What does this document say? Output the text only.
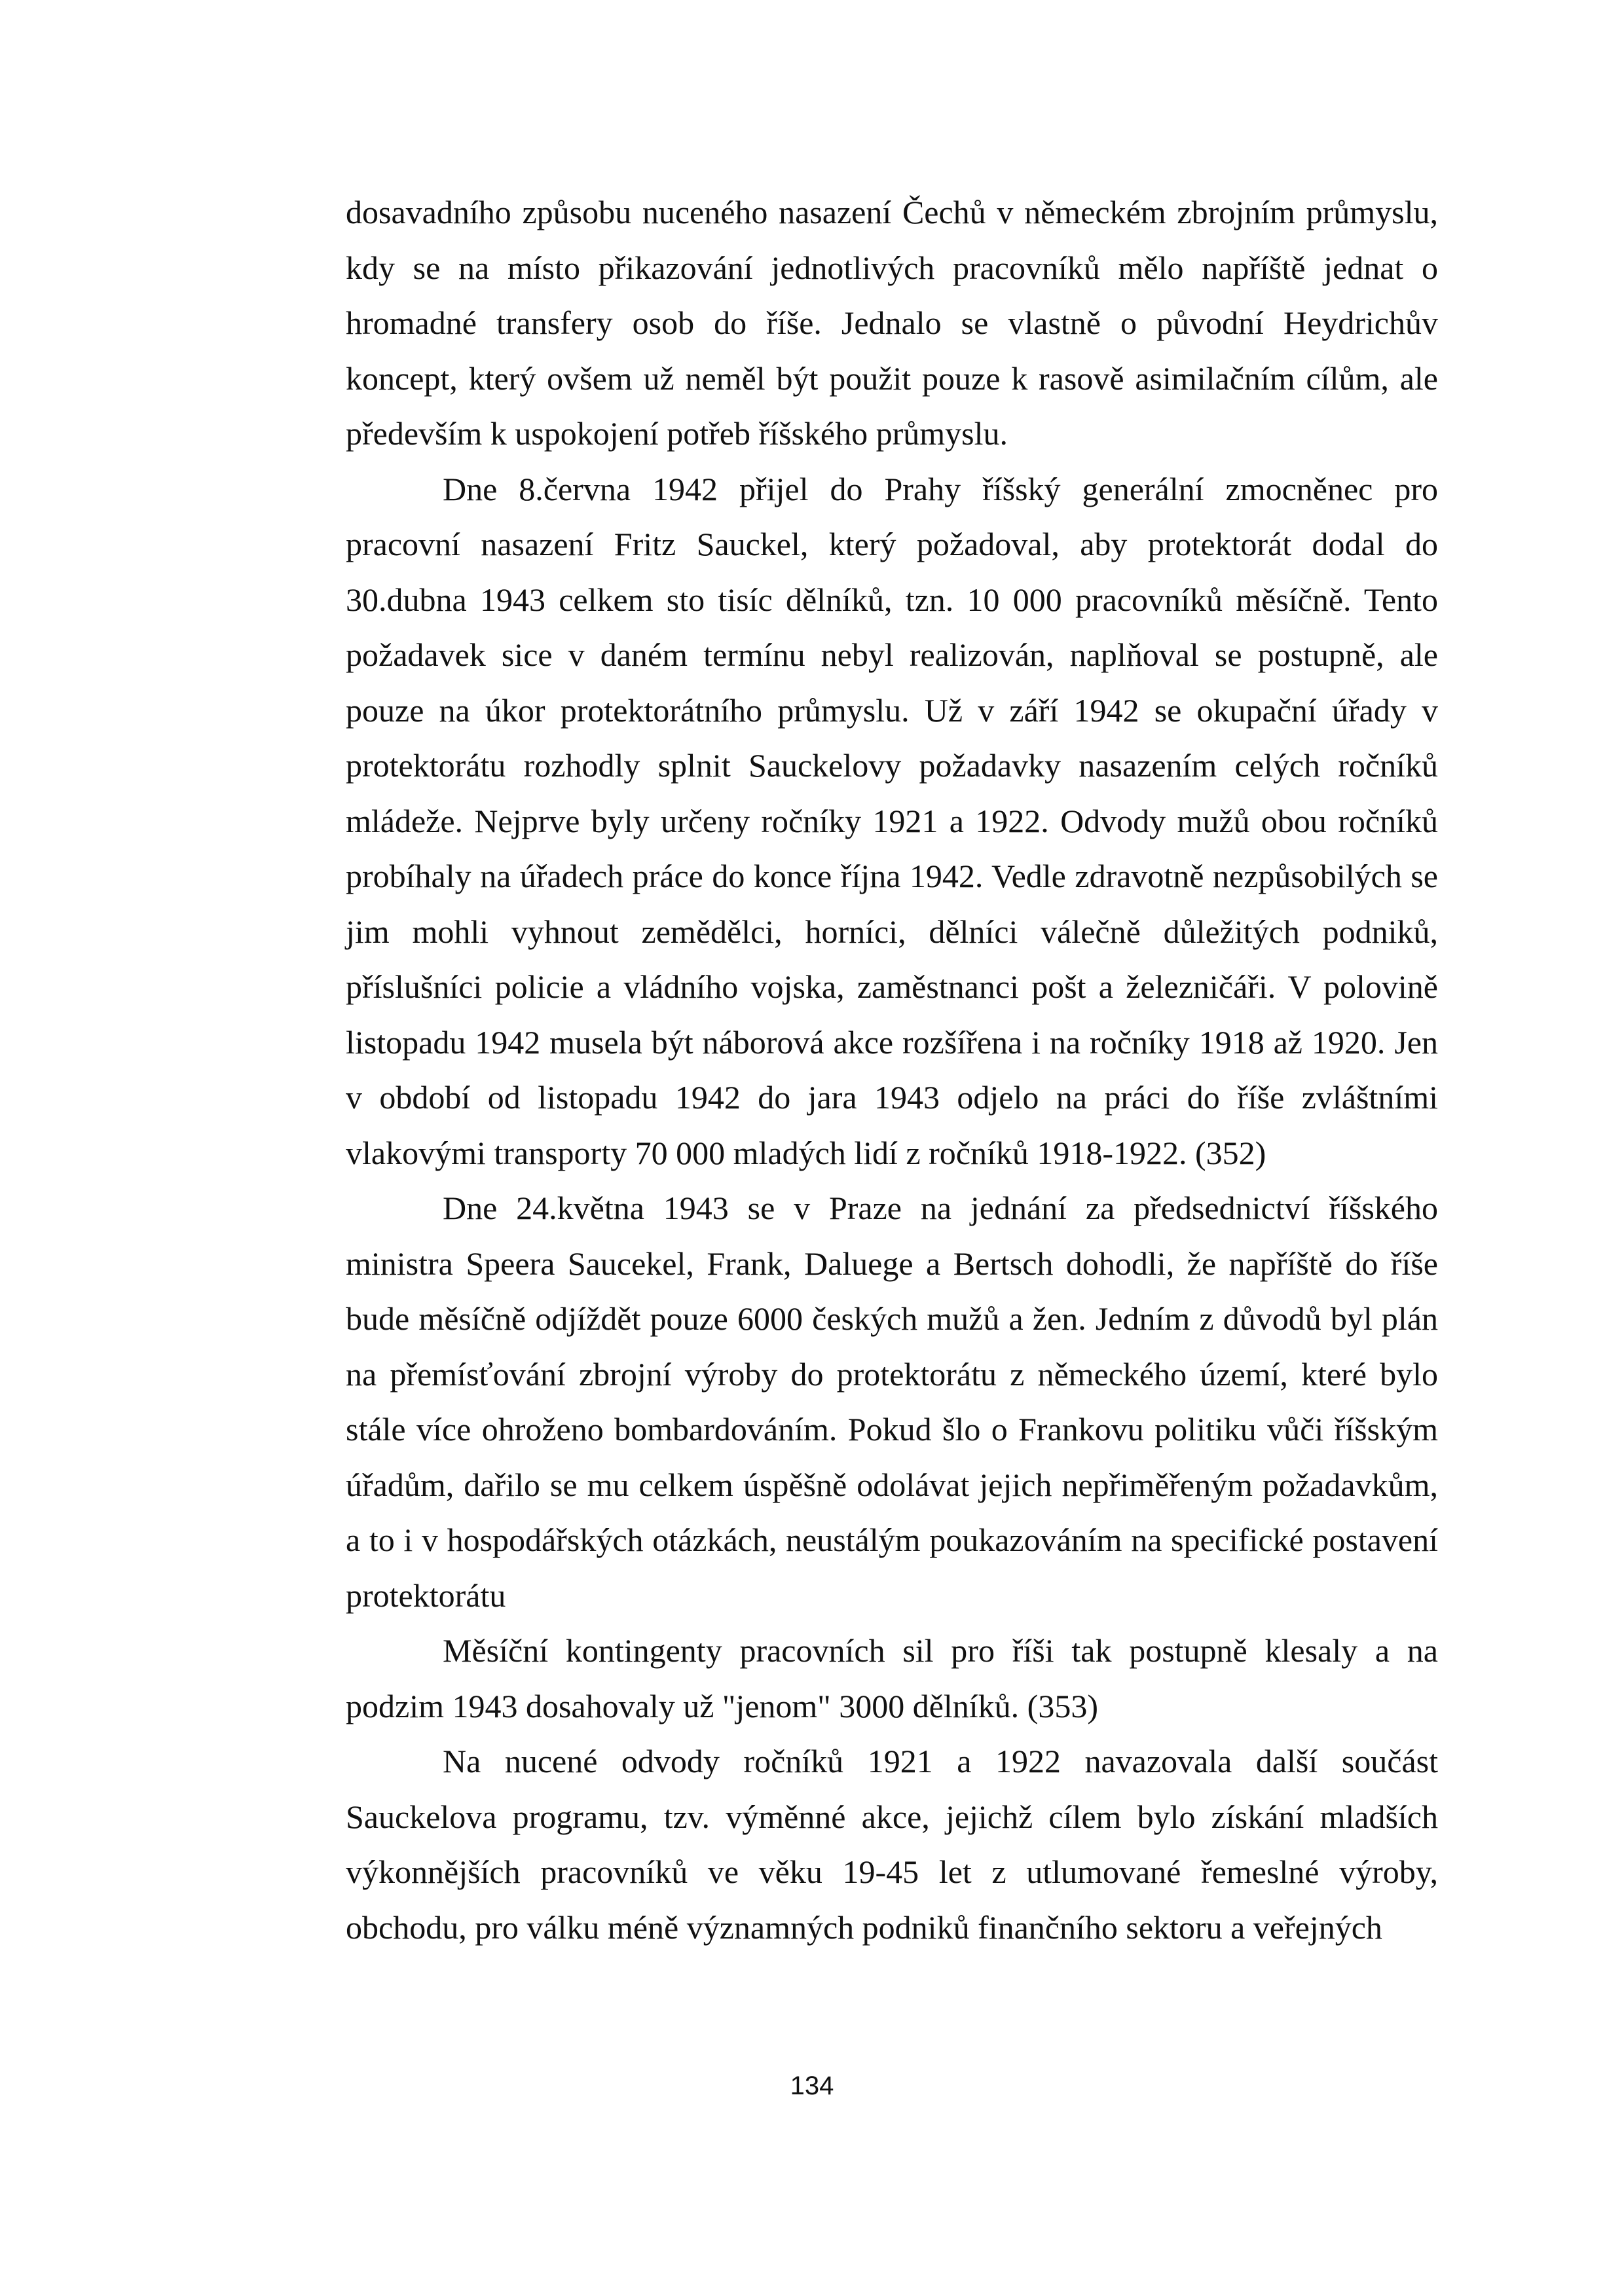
dosavadního způsobu nuceného nasazení Čechů v německém zbrojním průmyslu, kdy se na místo přikazování jednotlivých pracovníků mělo napříště jednat o hromadné transfery osob do říše. Jednalo se vlastně o původní Heydrichův koncept, který ovšem už neměl být použit pouze k rasově asimilačním cílům, ale především k uspokojení potřeb říšského průmyslu.

Dne 8.června 1942 přijel do Prahy říšský generální zmocněnec pro pracovní nasazení Fritz Sauckel, který požadoval, aby protektorát dodal do 30.dubna 1943 celkem sto tisíc dělníků, tzn. 10 000 pracovníků měsíčně. Tento požadavek sice v daném termínu nebyl realizován, naplňoval se postupně, ale pouze na úkor protektorátního průmyslu. Už v září 1942 se okupační úřady v protektorátu rozhodly splnit Sauckelovy požadavky nasazením celých ročníků mládeže. Nejprve byly určeny ročníky 1921 a 1922. Odvody mužů obou ročníků probíhaly na úřadech práce do konce října 1942. Vedle zdravotně nezpůsobilých se jim mohli vyhnout zemědělci, horníci, dělníci válečně důležitých podniků, příslušníci policie a vládního vojska, zaměstnanci pošt a železničáři. V polovině listopadu 1942 musela být náborová akce rozšířena i na ročníky 1918 až 1920. Jen v období od listopadu 1942 do jara 1943 odjelo na práci do říše zvláštními vlakovými transporty 70 000 mladých lidí z ročníků 1918-1922. (352)

Dne 24.května 1943 se v Praze na jednání za předsednictví říšského ministra Speera Saucekel, Frank, Daluege a Bertsch dohodli, že napříště do říše bude měsíčně odjíždět pouze 6000 českých mužů a žen. Jedním z důvodů byl plán na přemísťování zbrojní výroby do protektorátu z německého území, které bylo stále více ohroženo bombardováním. Pokud šlo o Frankovu politiku vůči říšským úřadům, dařilo se mu celkem úspěšně odolávat jejich nepřiměřeným požadavkům, a to i v hospodářských otázkách, neustálým poukazováním na specifické postavení protektorátu

Měsíční kontingenty pracovních sil pro říši tak postupně klesaly a na podzim 1943 dosahovaly už "jenom" 3000 dělníků. (353)

Na nucené odvody ročníků 1921 a 1922 navazovala další součást Sauckelova programu, tzv. výměnné akce, jejichž cílem bylo získání mladších výkonnějších pracovníků ve věku 19-45 let z utlumované řemeslné výroby, obchodu, pro válku méně významných podniků finančního sektoru a veřejných

134
